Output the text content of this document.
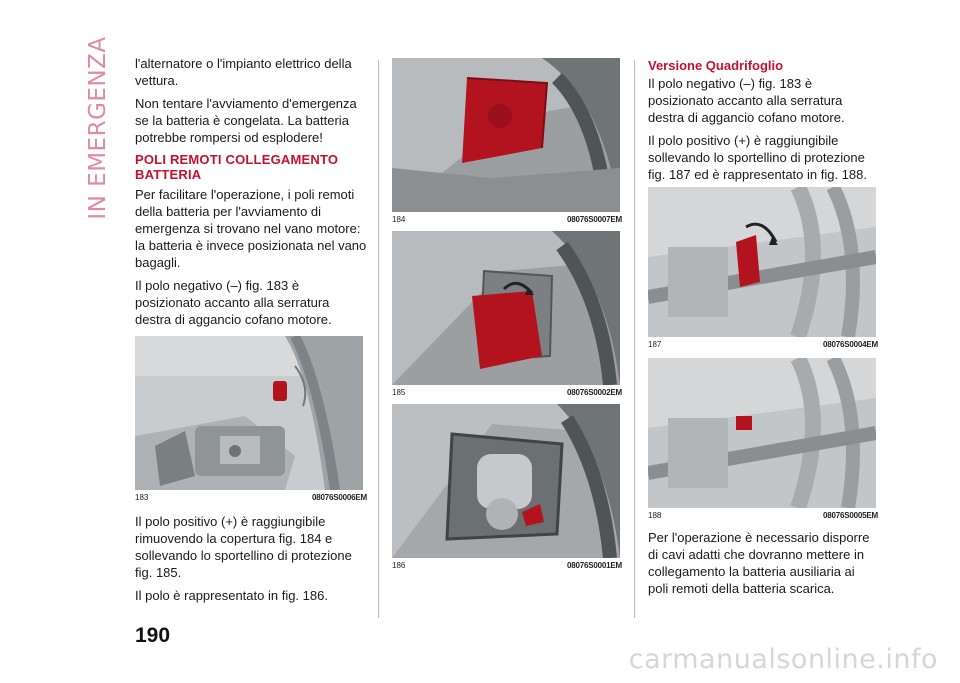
IN EMERGENZA l'alternatore o l'impianto elettrico della vettura.

Non tentare l'avviamento d'emergenza se la batteria è congelata. La batteria potrebbe rompersi od esplodere!

POLI REMOTI COLLEGAMENTO BATTERIA

Per facilitare l'operazione, i poli remoti della batteria per l'avviamento di emergenza si trovano nel vano motore: la batteria è invece posizionata nel vano bagagli.

Il polo negativo (–) fig. 183 è posizionato accanto alla serratura destra di aggancio cofano motore.

183	08076S0006EM

Il polo positivo (+) è raggiungibile rimuovendo la copertura fig. 184 e sollevando lo sportellino di protezione fig. 185.

Il polo è rappresentato in fig. 186.

184	08076S0007EM
185	08076S0002EM
186	08076S0001EM
Versione Quadrifoglio

Il polo negativo (–) fig. 183 è posizionato accanto alla serratura destra di aggancio cofano motore.

Il polo positivo (+) è raggiungibile sollevando lo sportellino di protezione fig. 187 ed è rappresentato in fig. 188.

187	08076S0004EM
188	08076S0005EM

Per l'operazione è necessario disporre di cavi adatti che dovranno mettere in collegamento la batteria ausiliaria ai poli remoti della batteria scarica.

190
carmanualsonline.info
